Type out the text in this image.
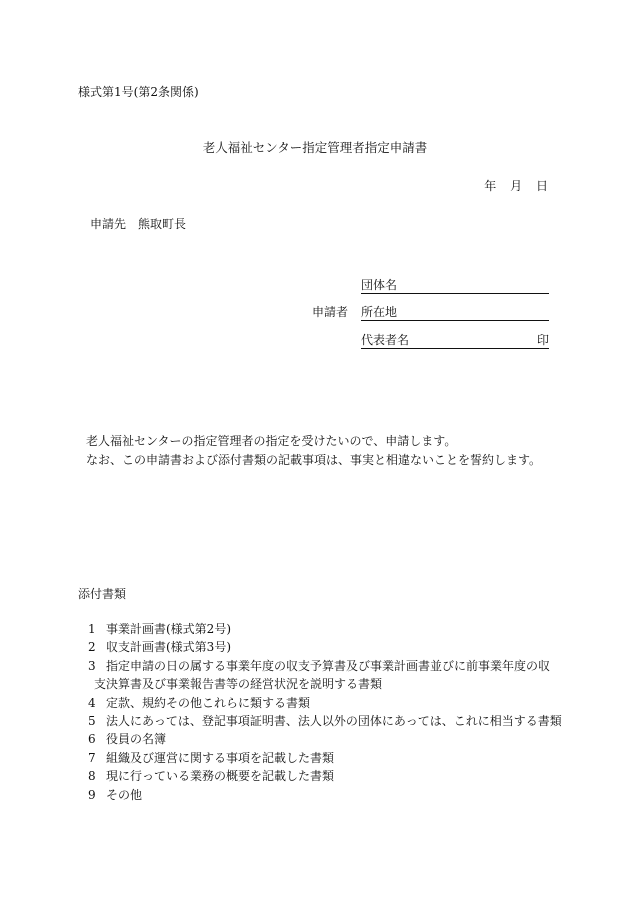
様式第1号(第2条関係)
老人福祉センター指定管理者指定申請書
年 月 日
申請先　熊取町長
申請者
団体名
所在地
代表者名	印
老人福祉センターの指定管理者の指定を受けたいので、申請します。
なお、この申請書および添付書類の記載事項は、事実と相違ないことを誓約します。
添付書類
1 事業計画書(様式第2号)
2 収支計画書(様式第3号)
3 指定申請の日の属する事業年度の収支予算書及び事業計画書並びに前事業年度の収
支決算書及び事業報告書等の経営状況を説明する書類
4 定款、規約その他これらに類する書類
5 法人にあっては、登記事項証明書、法人以外の団体にあっては、これに相当する書類
6 役員の名簿
7 組織及び運営に関する事項を記載した書類
8 現に行っている業務の概要を記載した書類
9 その他
